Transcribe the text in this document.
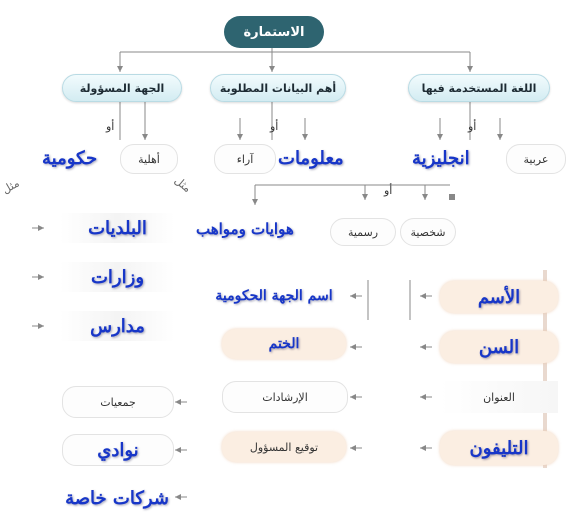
الاستمارة
الجهة المسؤولة	أهم البيانات المطلوبة	اللغة المستخدمة فيها
أو	أو	أو
أو
حكومية	أهلية
مثل	مثل
آراء معلومات	عربية
انجليزية
هوايات ومواهب	رسمية	شخصية
البلديات
وزارات
مدارس
جمعيات
نوادي
شركات خاصة
اسم الجهة الحكومية
الختم
الإرشادات
توقيع المسؤول
الأسم
السن
العنوان
التليفون
